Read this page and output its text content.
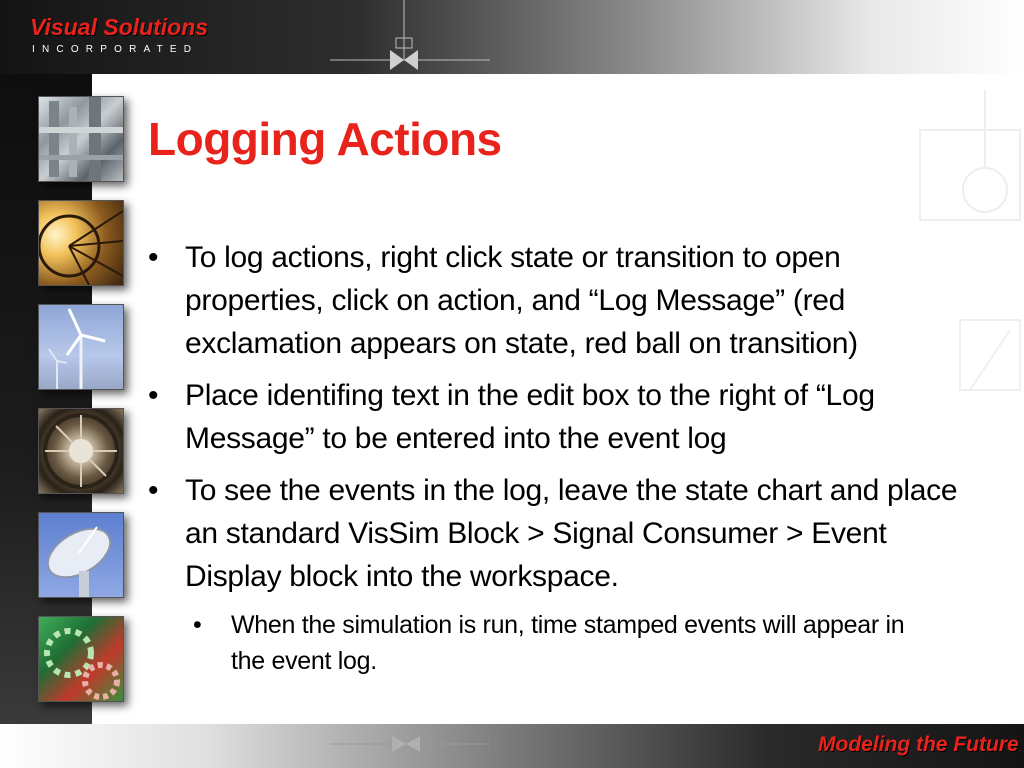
Visual Solutions
INCORPORATED
Logging Actions
• To log actions, right click state or transition to open properties, click on action, and “Log Message” (red exclamation appears on state, red ball on transition)
• Place identifing text in the edit box to the right of “Log Message” to be entered into the event log
• To see the events in the log, leave the state chart and place an standard VisSim Block > Signal Consumer > Event Display block into the workspace.
•	When the simulation is run, time stamped events will appear in the event log.
Modeling the Future
